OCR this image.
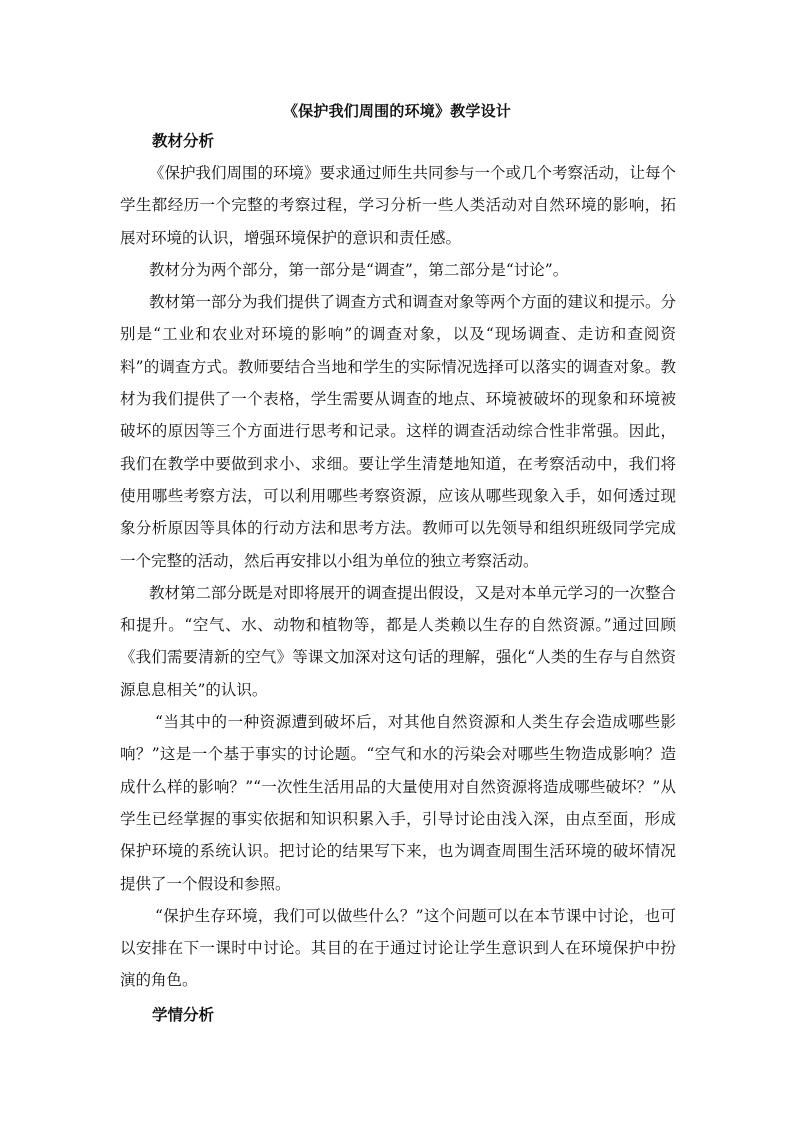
《保护我们周围的环境》教学设计
教材分析

《保护我们周围的环境》要求通过师生共同参与一个或几个考察活动，让每个学生都经历一个完整的考察过程，学习分析一些人类活动对自然环境的影响，拓展对环境的认识，增强环境保护的意识和责任感。

教材分为两个部分，第一部分是“调查”，第二部分是“讨论”。

教材第一部分为我们提供了调查方式和调查对象等两个方面的建议和提示。分别是“工业和农业对环境的影响”的调查对象，以及“现场调查、走访和查阅资料”的调查方式。教师要结合当地和学生的实际情况选择可以落实的调查对象。教材为我们提供了一个表格，学生需要从调查的地点、环境被破坏的现象和环境被破坏的原因等三个方面进行思考和记录。这样的调查活动综合性非常强。因此，我们在教学中要做到求小、求细。要让学生清楚地知道，在考察活动中，我们将使用哪些考察方法，可以利用哪些考察资源，应该从哪些现象入手，如何透过现象分析原因等具体的行动方法和思考方法。教师可以先领导和组织班级同学完成一个完整的活动，然后再安排以小组为单位的独立考察活动。

教材第二部分既是对即将展开的调查提出假设，又是对本单元学习的一次整合和提升。“空气、水、动物和植物等，都是人类赖以生存的自然资源。”通过回顾《我们需要清新的空气》等课文加深对这句话的理解，强化“人类的生存与自然资源息息相关”的认识。

“当其中的一种资源遭到破坏后，对其他自然资源和人类生存会造成哪些影响？”这是一个基于事实的讨论题。“空气和水的污染会对哪些生物造成影响？造成什么样的影响？”“一次性生活用品的大量使用对自然资源将造成哪些破坏？”从学生已经掌握的事实依据和知识积累入手，引导讨论由浅入深，由点至面，形成保护环境的系统认识。把讨论的结果写下来，也为调查周围生活环境的破坏情况提供了一个假设和参照。

“保护生存环境，我们可以做些什么？”这个问题可以在本节课中讨论，也可以安排在下一课时中讨论。其目的在于通过讨论让学生意识到人在环境保护中扮演的角色。

学情分析
